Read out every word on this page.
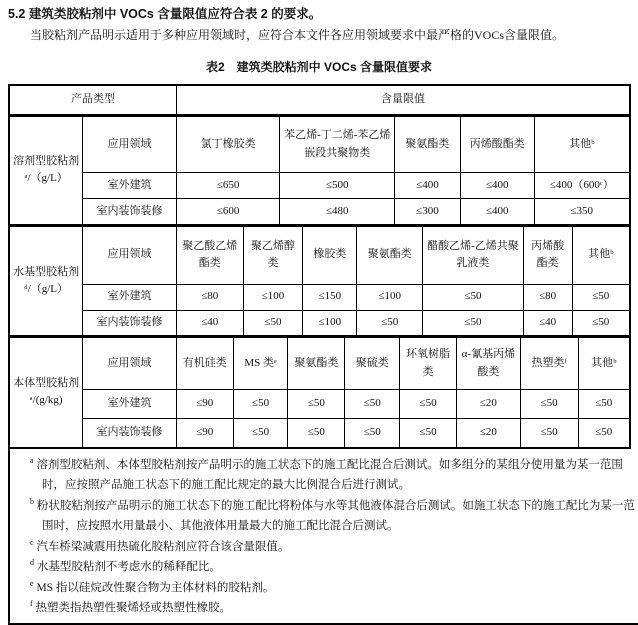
5.2 建筑类胶粘剂中 VOCs 含量限值应符合表 2 的要求。
当胶粘剂产品明示适用于多种应用领域时，应符合本文件各应用领域要求中最严格的VOCs含量限值。
表2　建筑类胶粘剂中 VOCs 含量限值要求
产品类型	含量限值
溶剂型胶粘剂ᵃ/（g/L）	应用领域	氯丁橡胶类	苯乙烯-丁二烯-苯乙烯嵌段共聚物类	聚氨酯类	丙烯酸酯类	其他ᵇ
	室外建筑	≤650	≤500	≤400	≤400	≤400（600ᶜ）
	室内装饰装修	≤600	≤480	≤300	≤400	≤350
水基型胶粘剂ᵈ/（g/L）	应用领域	聚乙酸乙烯酯类	聚乙烯醇类	橡胶类	聚氨酯类	醋酸乙烯-乙烯共聚乳液类	丙烯酸酯类	其他ᵇ
	室外建筑	≤80	≤100	≤150	≤100	≤50	≤80	≤50
	室内装饰装修	≤40	≤50	≤100	≤50	≤50	≤40	≤50
本体型胶粘剂ᵃ/(g/kg)	应用领域	有机硅类	MS 类ᵉ	聚氨酯类	聚硫类	环氧树脂类	α-氰基丙烯酸类	热塑类ᶠ	其他ᵇ
	室外建筑	≤90	≤50	≤50	≤50	≤50	≤20	≤50	≤50
	室内装饰装修	≤90	≤50	≤50	≤50	≤50	≤20	≤50	≤50
$^a$ 溶剂型胶粘剂、本体型胶粘剂按产品明示的施工状态下的施工配比混合后测试。如多组分的某组分使用量为某一范围时，应按照产品施工状态下的施工配比规定的最大比例混合后进行测试。
$^b$ 粉状胶粘剂按产品明示的施工状态下的施工配比将粉体与水等其他液体混合后测试。如施工状态下的施工配比为某一范围时，应按照水用量最小、其他液体用量最大的施工配比混合后测试。
$^c$ 汽车桥梁减震用热硫化胶粘剂应符合该含量限值。
$^d$ 水基型胶粘剂不考虑水的稀释配比。
$^e$ MS 指以硅烷改性聚合物为主体材料的胶粘剂。
$^f$ 热塑类指热塑性聚烯烃或热塑性橡胶。
